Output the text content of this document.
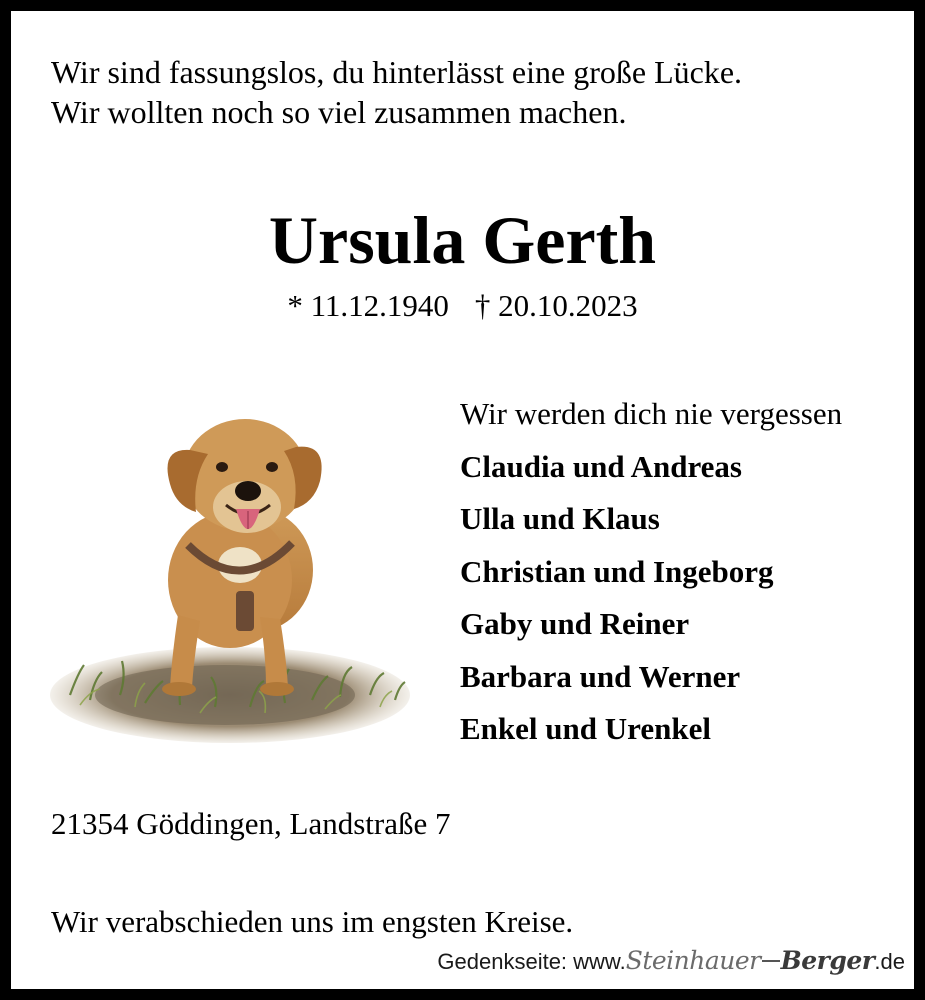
Wir sind fassungslos, du hinterlässt eine große Lücke.
Wir wollten noch so viel zusammen machen.
Ursula Gerth
* 11.12.1940 † 20.10.2023
Wir werden dich nie vergessen
Claudia und Andreas
Ulla und Klaus
Christian und Ingeborg
Gaby und Reiner
Barbara und Werner
Enkel und Urenkel
21354 Göddingen, Landstraße 7
Wir verabschieden uns im engsten Kreise.
Gedenkseite: www. Steinhauer Berger .de
